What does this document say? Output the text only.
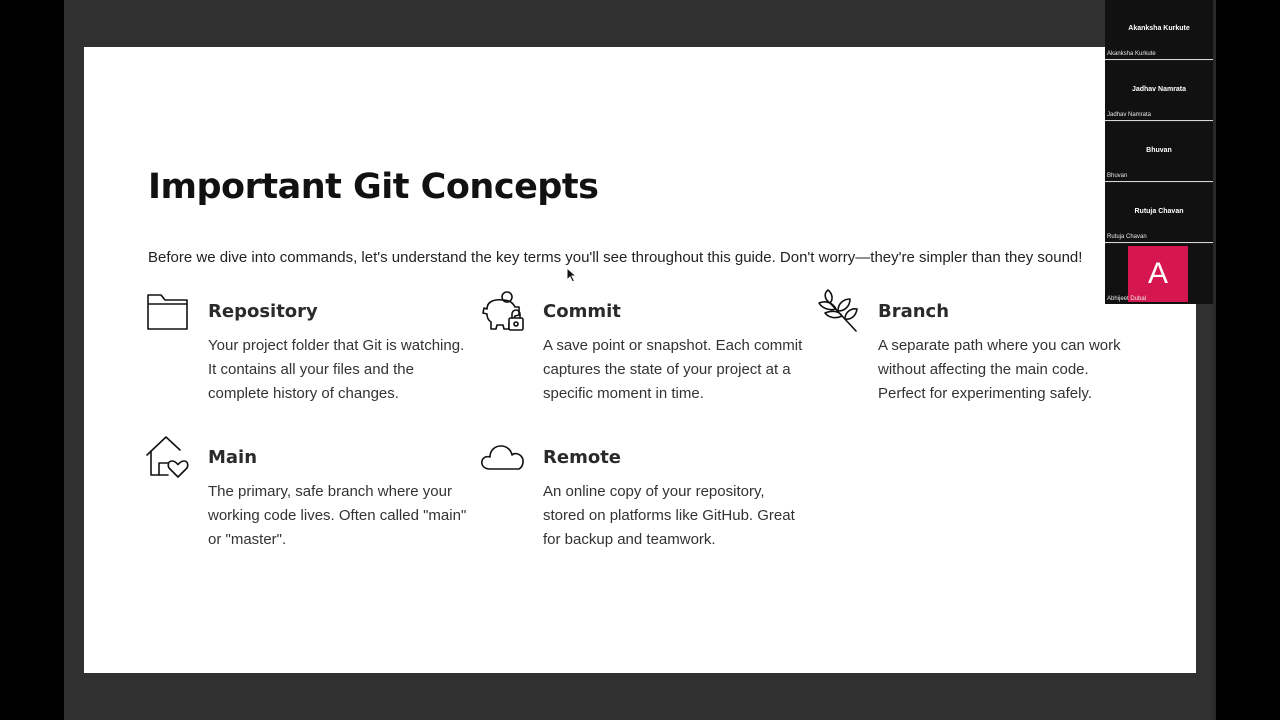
Important Git Concepts

Before we dive into commands, let's understand the key terms you'll see throughout this guide. Don't worry—they're simpler than they sound!

Repository

Your project folder that Git is watching. It contains all your files and the complete history of changes.

Commit

A save point or snapshot. Each commit captures the state of your project at a specific moment in time.

Branch

A separate path where you can work without affecting the main code. Perfect for experimenting safely.

Main

The primary, safe branch where your working code lives. Often called "main" or "master".

Remote

An online copy of your repository, stored on platforms like GitHub. Great for backup and teamwork.

Akanksha Kurkute
Akanksha Kurkute
Jadhav Namrata
Jadhav Namrata
Bhuvan
Bhuvan
Rutuja Chavan
Rutuja Chavan
A
Abhijeet Dubal
